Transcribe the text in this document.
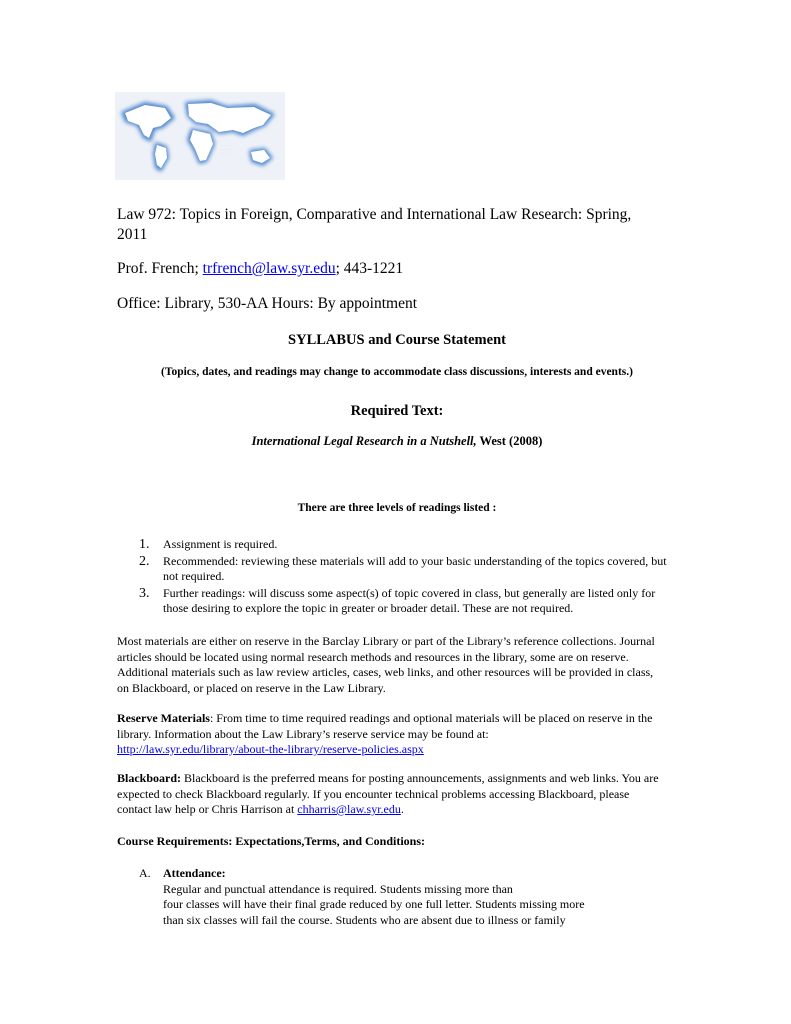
· · · · · · ·
· · · · · ·
· · · ·
Law 972: Topics in Foreign, Comparative and International Law Research: Spring, 2011
Prof. French; trfrench@law.syr.edu; 443-1221
Office: Library, 530-AA Hours: By appointment
SYLLABUS and Course Statement
(Topics, dates, and readings may change to accommodate class discussions, interests and events.)
Required Text:
International Legal Research in a Nutshell, West (2008)
There are three levels of readings listed :
1.	Assignment is required.
2.	Recommended: reviewing these materials will add to your basic understanding of the topics covered, but not required.
3.	Further readings: will discuss some aspect(s) of topic covered in class, but generally are listed only for those desiring to explore the topic in greater or broader detail. These are not required.
Most materials are either on reserve in the Barclay Library or part of the Library’s reference collections. Journal articles should be located using normal research methods and resources in the library, some are on reserve. Additional materials such as law review articles, cases, web links, and other resources will be provided in class, on Blackboard, or placed on reserve in the Law Library.
Reserve Materials: From time to time required readings and optional materials will be placed on reserve in the library. Information about the Law Library’s reserve service may be found at:
http://law.syr.edu/library/about-the-library/reserve-policies.aspx
Blackboard: Blackboard is the preferred means for posting announcements, assignments and web links. You are expected to check Blackboard regularly. If you encounter technical problems accessing Blackboard, please contact law help or Chris Harrison at chharris@law.syr.edu.
Course Requirements: Expectations,Terms, and Conditions:
A.	Attendance:
Regular and punctual attendance is required. Students missing more than
four classes will have their final grade reduced by one full letter. Students missing more
than six classes will fail the course. Students who are absent due to illness or family
